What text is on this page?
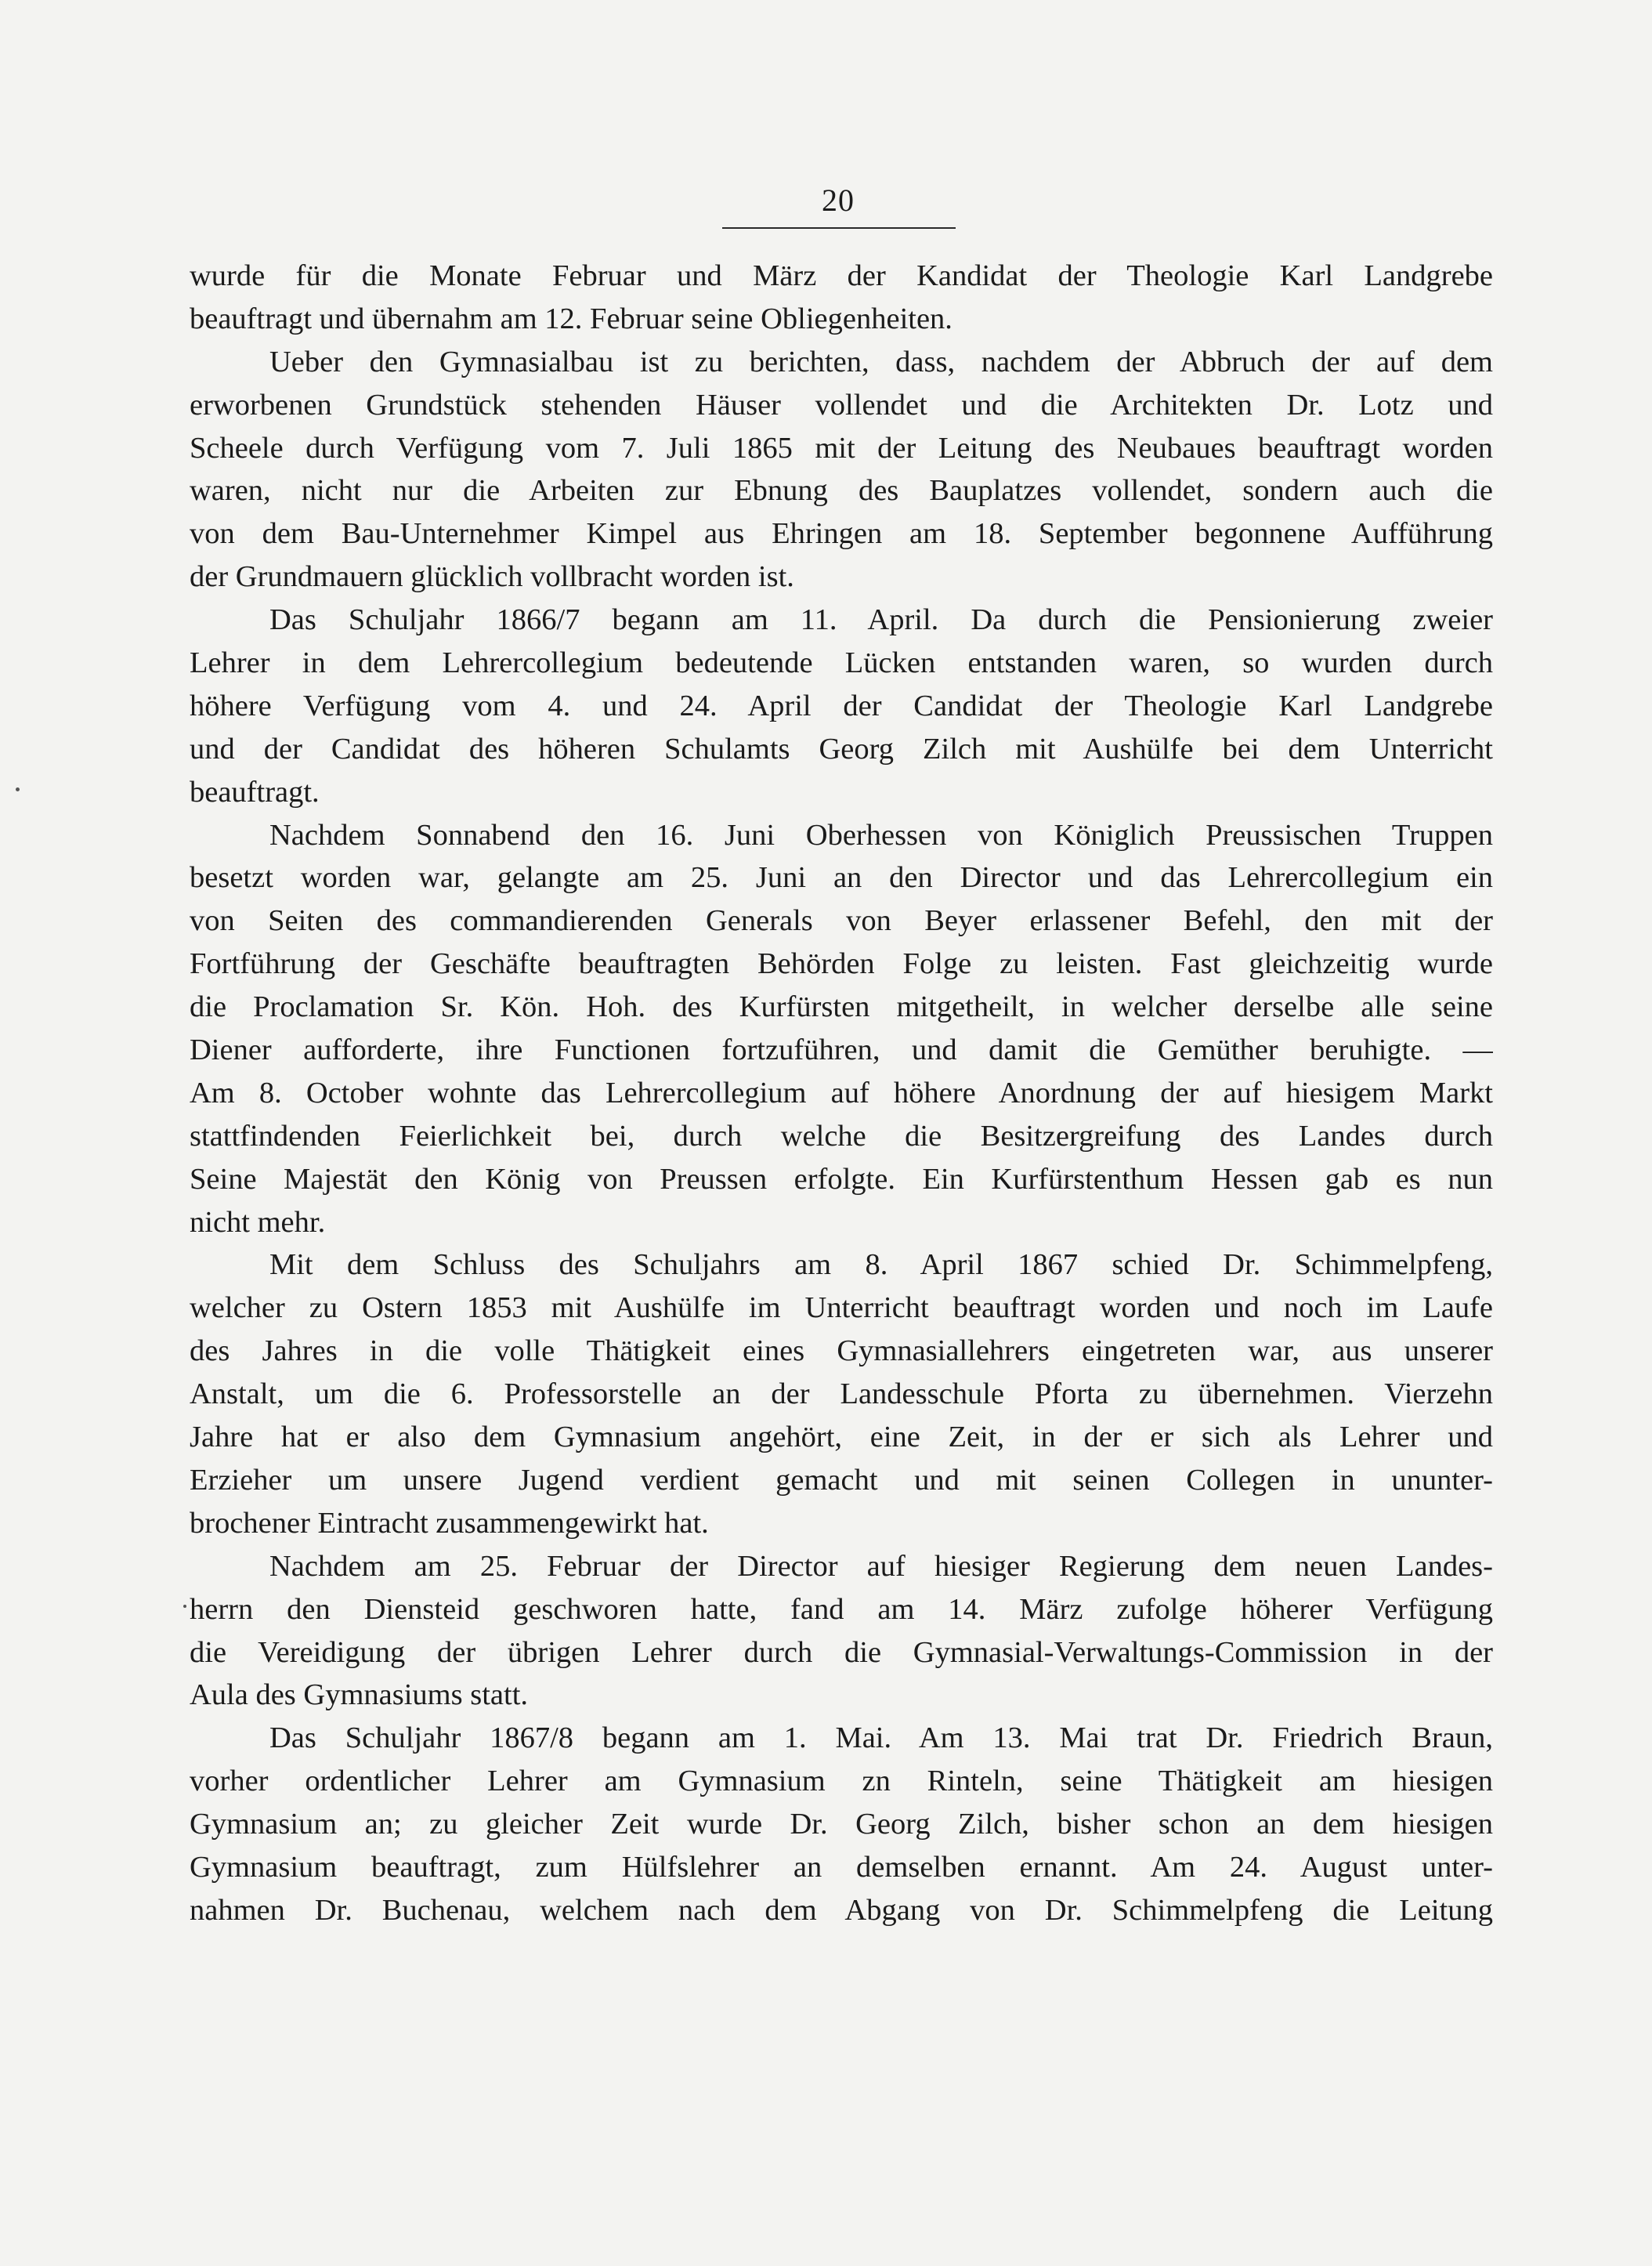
20
wurde für die Monate Februar und März der Kandidat der Theologie Karl Landgrebe
beauftragt und übernahm am 12. Februar seine Obliegenheiten.
Ueber den Gymnasialbau ist zu berichten, dass, nachdem der Abbruch der auf dem
erworbenen Grundstück stehenden Häuser vollendet und die Architekten Dr. Lotz und
Scheele durch Verfügung vom 7. Juli 1865 mit der Leitung des Neubaues beauftragt worden
waren, nicht nur die Arbeiten zur Ebnung des Bauplatzes vollendet, sondern auch die
von dem Bau-Unternehmer Kimpel aus Ehringen am 18. September begonnene Aufführung
der Grundmauern glücklich vollbracht worden ist.
Das Schuljahr 1866/7 begann am 11. April. Da durch die Pensionierung zweier
Lehrer in dem Lehrercollegium bedeutende Lücken entstanden waren, so wurden durch
höhere Verfügung vom 4. und 24. April der Candidat der Theologie Karl Landgrebe
und der Candidat des höheren Schulamts Georg Zilch mit Aushülfe bei dem Unterricht
beauftragt.
Nachdem Sonnabend den 16. Juni Oberhessen von Königlich Preussischen Truppen
besetzt worden war, gelangte am 25. Juni an den Director und das Lehrercollegium ein
von Seiten des commandierenden Generals von Beyer erlassener Befehl, den mit der
Fortführung der Geschäfte beauftragten Behörden Folge zu leisten. Fast gleichzeitig wurde
die Proclamation Sr. Kön. Hoh. des Kurfürsten mitgetheilt, in welcher derselbe alle seine
Diener aufforderte, ihre Functionen fortzuführen, und damit die Gemüther beruhigte. —
Am 8. October wohnte das Lehrercollegium auf höhere Anordnung der auf hiesigem Markt
stattfindenden Feierlichkeit bei, durch welche die Besitzergreifung des Landes durch
Seine Majestät den König von Preussen erfolgte. Ein Kurfürstenthum Hessen gab es nun
nicht mehr.
Mit dem Schluss des Schuljahrs am 8. April 1867 schied Dr. Schimmelpfeng,
welcher zu Ostern 1853 mit Aushülfe im Unterricht beauftragt worden und noch im Laufe
des Jahres in die volle Thätigkeit eines Gymnasiallehrers eingetreten war, aus unserer
Anstalt, um die 6. Professorstelle an der Landesschule Pforta zu übernehmen. Vierzehn
Jahre hat er also dem Gymnasium angehört, eine Zeit, in der er sich als Lehrer und
Erzieher um unsere Jugend verdient gemacht und mit seinen Collegen in ununter-
brochener Eintracht zusammengewirkt hat.
Nachdem am 25. Februar der Director auf hiesiger Regierung dem neuen Landes-
herrn den Diensteid geschworen hatte, fand am 14. März zufolge höherer Verfügung
die Vereidigung der übrigen Lehrer durch die Gymnasial-Verwaltungs-Commission in der
Aula des Gymnasiums statt.
Das Schuljahr 1867/8 begann am 1. Mai. Am 13. Mai trat Dr. Friedrich Braun,
vorher ordentlicher Lehrer am Gymnasium zn Rinteln, seine Thätigkeit am hiesigen
Gymnasium an; zu gleicher Zeit wurde Dr. Georg Zilch, bisher schon an dem hiesigen
Gymnasium beauftragt, zum Hülfslehrer an demselben ernannt. Am 24. August unter-
nahmen Dr. Buchenau, welchem nach dem Abgang von Dr. Schimmelpfeng die Leitung
